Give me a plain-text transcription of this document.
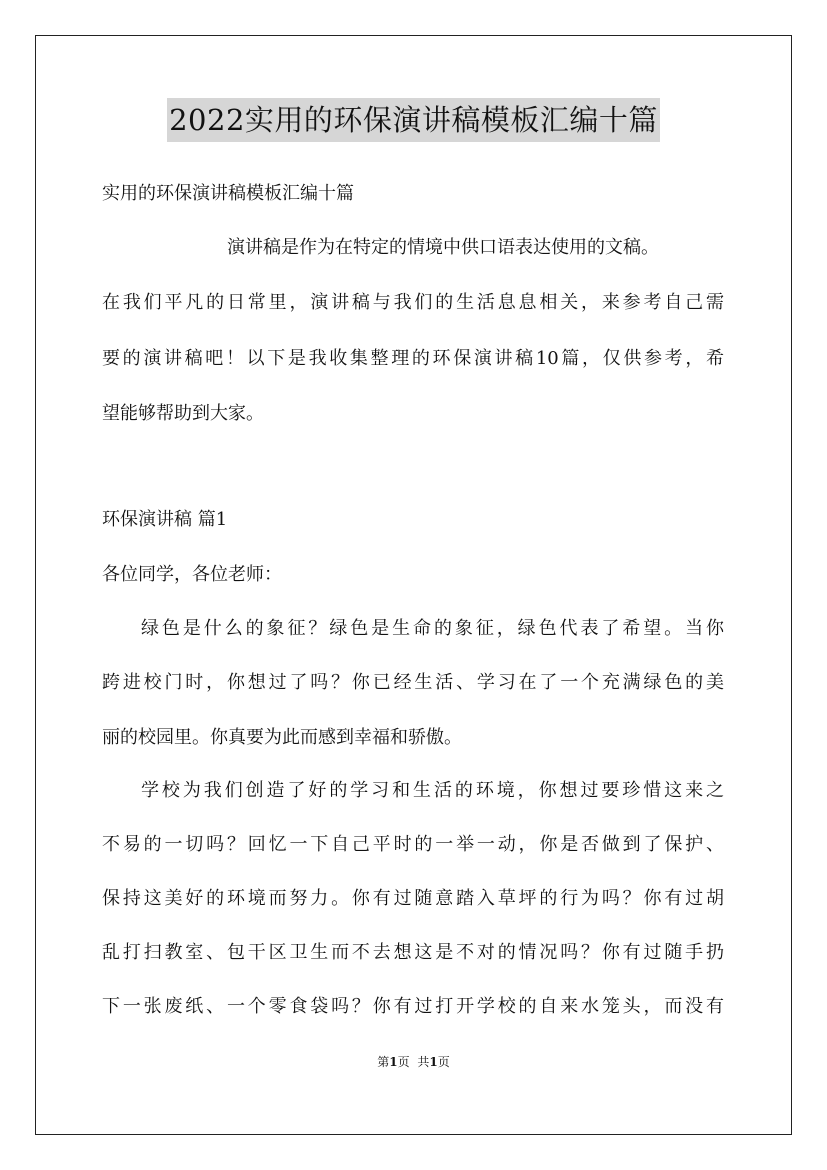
2022实用的环保演讲稿模板汇编十篇
实用的环保演讲稿模板汇编十篇
演讲稿是作为在特定的情境中供口语表达使用的文稿。
在我们平凡的日常里，演讲稿与我们的生活息息相关，来参考自己需
要的演讲稿吧！以下是我收集整理的环保演讲稿10篇，仅供参考，希
望能够帮助到大家。
环保演讲稿 篇1
各位同学，各位老师：
绿色是什么的象征？绿色是生命的象征，绿色代表了希望。当你
跨进校门时，你想过了吗？你已经生活、学习在了一个充满绿色的美
丽的校园里。你真要为此而感到幸福和骄傲。
学校为我们创造了好的学习和生活的环境，你想过要珍惜这来之
不易的一切吗？回忆一下自己平时的一举一动，你是否做到了保护、
保持这美好的环境而努力。你有过随意踏入草坪的行为吗？你有过胡
乱打扫教室、包干区卫生而不去想这是不对的情况吗？你有过随手扔
下一张废纸、一个零食袋吗？你有过打开学校的自来水笼头，而没有
第1页 共1页
